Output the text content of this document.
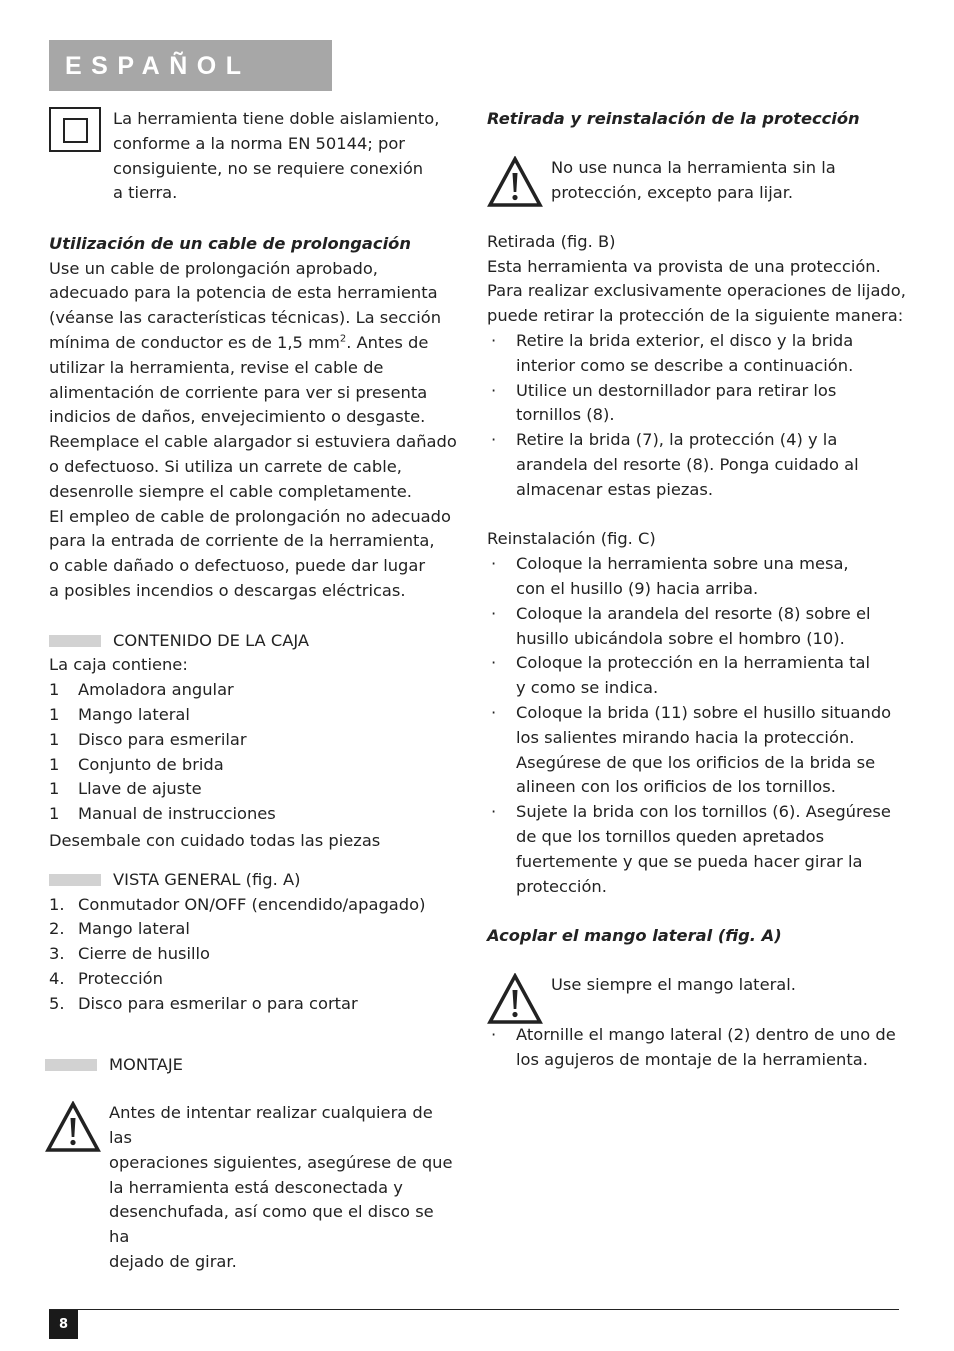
ESPAÑOL
La herramienta tiene doble aislamiento,
conforme a la norma EN 50144; por
consiguiente, no se requiere conexión
a tierra.

Utilización de un cable de prolongación

Use un cable de prolongación aprobado,
adecuado para la potencia de esta herramienta
(véanse las características técnicas). La sección

mínima de conductor es de 1,5 $mm^2$. Antes de

utilizar la herramienta, revise el cable de
alimentación de corriente para ver si presenta
indicios de daños, envejecimiento o desgaste.
Reemplace el cable alargador si estuviera dañado
o defectuoso. Si utiliza un carrete de cable,
desenrolle siempre el cable completamente.
El empleo de cable de prolongación no adecuado
para la entrada de corriente de la herramienta,
o cable dañado o defectuoso, puede dar lugar
a posibles incendios o descargas eléctricas.
CONTENIDO DE LA CAJA

La caja contiene:

1	Amoladora angular
1	Mango lateral
1	Disco para esmerilar
1	Conjunto de brida
1	Llave de ajuste
1	Manual de instrucciones

Desembale con cuidado todas las piezas

VISTA GENERAL (fig. A)
1. Conmutador ON/OFF (encendido/apagado)
2. Mango lateral
3. Cierre de husillo
4. Protección
5. Disco para esmerilar o para cortar
MONTAJE
Antes de intentar realizar cualquiera de las
operaciones siguientes, asegúrese de que
la herramienta está desconectada y
desenchufada, así como que el disco se ha
dejado de girar.

Retirada y reinstalación de la protección

No use nunca la herramienta sin la
protección, excepto para lijar.

Retirada (fig. B)

Esta herramienta va provista de una protección.
Para realizar exclusivamente operaciones de lijado,
puede retirar la protección de la siguiente manera:
·	Retire la brida exterior, el disco y la brida
interior como se describe a continuación.
·	Utilice un destornillador para retirar los
tornillos (8).
·	Retire la brida (7), la protección (4) y la
arandela del resorte (8). Ponga cuidado al
almacenar estas piezas.

Reinstalación (fig. C)

·	Coloque la herramienta sobre una mesa,
con el husillo (9) hacia arriba.
·	Coloque la arandela del resorte (8) sobre el
husillo ubicándola sobre el hombro (10).
·	Coloque la protección en la herramienta tal
y como se indica.
·	Coloque la brida (11) sobre el husillo situando
los salientes mirando hacia la protección.
Asegúrese de que los orificios de la brida se
alineen con los orificios de los tornillos.
·	Sujete la brida con los tornillos (6). Asegúrese
de que los tornillos queden apretados
fuertemente y que se pueda hacer girar la
protección.

Acoplar el mango lateral (fig. A)

Use siempre el mango lateral.
·	Atornille el mango lateral (2) dentro de uno de
los agujeros de montaje de la herramienta.
8
